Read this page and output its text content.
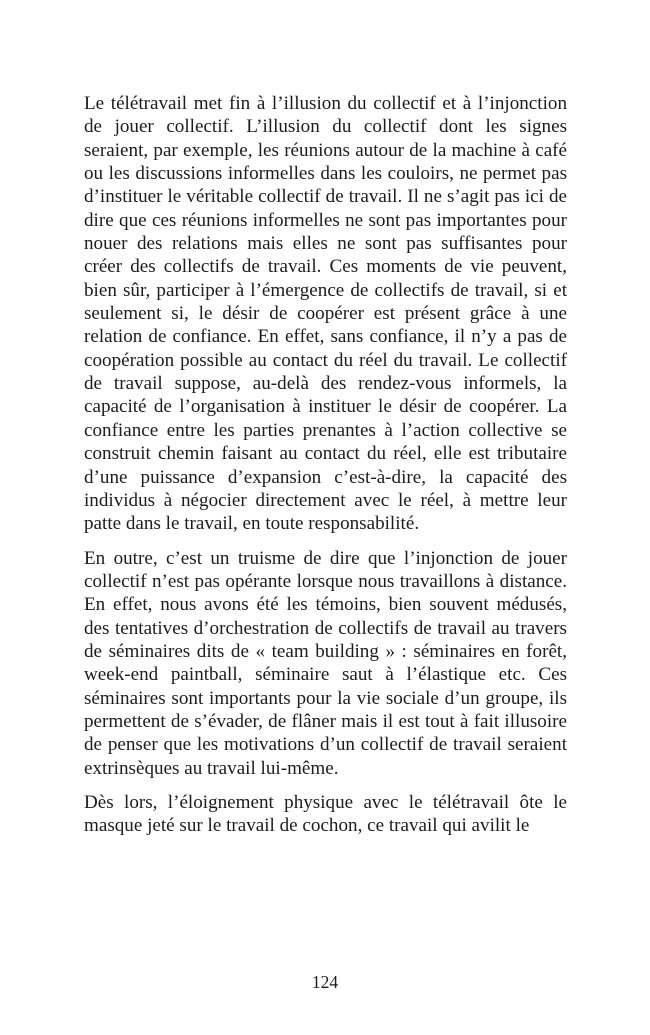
Le télétravail met fin à l’illusion du collectif et à l’injonction de jouer collectif. L’illusion du collectif dont les signes seraient, par exemple, les réunions autour de la machine à café ou les discussions informelles dans les couloirs, ne permet pas d’instituer le véritable collectif de travail. Il ne s’agit pas ici de dire que ces réunions informelles ne sont pas importantes pour nouer des relations mais elles ne sont pas suffisantes pour créer des collectifs de travail. Ces moments de vie peuvent, bien sûr, participer à l’émergence de collectifs de travail, si et seulement si, le désir de coopérer est présent grâce à une relation de confiance. En effet, sans confiance, il n’y a pas de coopération possible au contact du réel du travail. Le collectif de travail suppose, au-delà des rendez-vous informels, la capacité de l’organisation à instituer le désir de coopérer. La confiance entre les parties prenantes à l’action collective se construit chemin faisant au contact du réel, elle est tributaire d’une puissance d’expansion c’est-à-dire, la capacité des individus à négocier directement avec le réel, à mettre leur patte dans le travail, en toute responsabilité.

En outre, c’est un truisme de dire que l’injonction de jouer collectif n’est pas opérante lorsque nous travaillons à distance. En effet, nous avons été les témoins, bien souvent médusés, des tentatives d’orchestration de collectifs de travail au travers de séminaires dits de « team building » : séminaires en forêt, week-end paintball, séminaire saut à l’élastique etc. Ces séminaires sont importants pour la vie sociale d’un groupe, ils permettent de s’évader, de flâner mais il est tout à fait illusoire de penser que les motivations d’un collectif de travail seraient extrinsèques au travail lui-même.

Dès lors, l’éloignement physique avec le télétravail ôte le masque jeté sur le travail de cochon, ce travail qui avilit le

124
